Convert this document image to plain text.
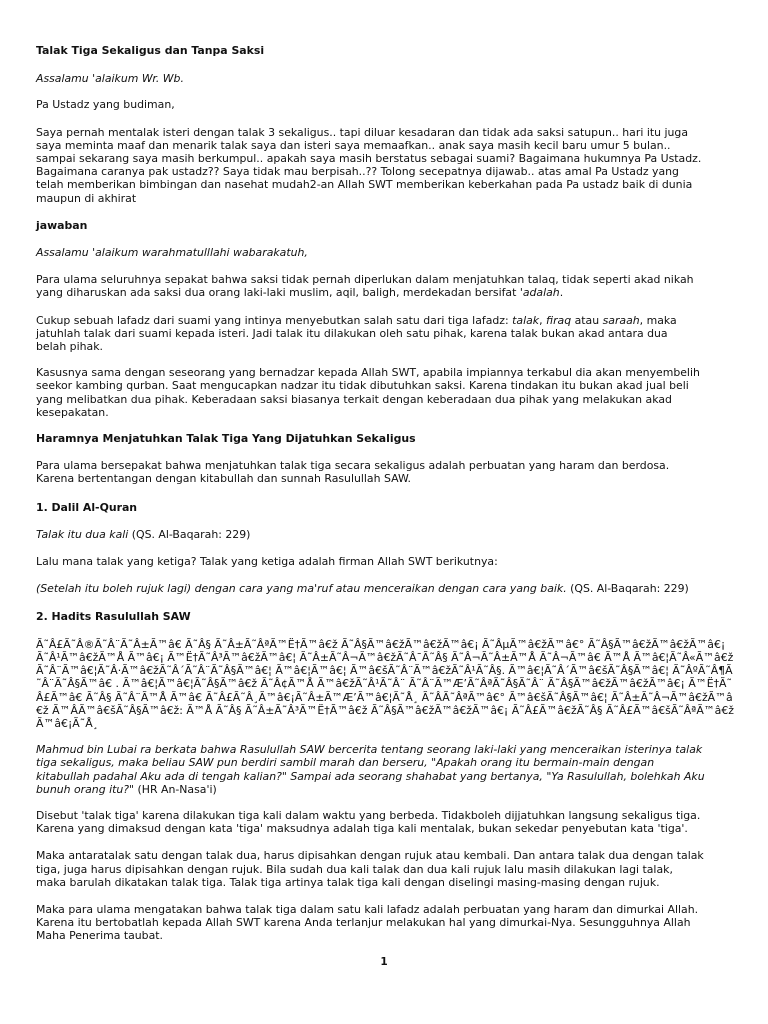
Talak Tiga Sekaligus dan Tanpa Saksi

Assalamu 'alaikum Wr. Wb.

Pa Ustadz yang budiman,

Saya pernah mentalak isteri dengan talak 3 sekaligus.. tapi diluar kesadaran dan tidak ada saksi satupun.. hari itu juga
saya meminta maaf dan menarik talak saya dan isteri saya memaafkan.. anak saya masih kecil baru umur 5 bulan..
sampai sekarang saya masih berkumpul.. apakah saya masih berstatus sebagai suami? Bagaimana hukumnya Pa Ustadz.
Bagaimana caranya pak ustadz?? Saya tidak mau berpisah..?? Tolong secepatnya dijawab.. atas amal Pa Ustadz yang
telah memberikan bimbingan dan nasehat mudah2-an Allah SWT memberikan keberkahan pada Pa ustadz baik di dunia
maupun di akhirat

jawaban

Assalamu 'alaikum warahmatulllahi wabarakatuh,

Para ulama seluruhnya sepakat bahwa saksi tidak pernah diperlukan dalam menjatuhkan talaq, tidak seperti akad nikah
yang diharuskan ada saksi dua orang laki-laki muslim, aqil, baligh, merdekadan bersifat 'adalah.

Cukup sebuah lafadz dari suami yang intinya menyebutkan salah satu dari tiga lafadz: talak, firaq atau saraah, maka
jatuhlah talak dari suami kepada isteri. Jadi talak itu dilakukan oleh satu pihak, karena talak bukan akad antara dua
belah pihak.

Kasusnya sama dengan seseorang yang bernadzar kepada Allah SWT, apabila impiannya terkabul dia akan menyembelih
seekor kambing qurban. Saat mengucapkan nadzar itu tidak dibutuhkan saksi. Karena tindakan itu bukan akad jual beli
yang melibatkan dua pihak. Keberadaan saksi biasanya terkait dengan keberadaan dua pihak yang melakukan akad
kesepakatan.

Haramnya Menjatuhkan Talak Tiga Yang Dijatuhkan Sekaligus

Para ulama bersepakat bahwa menjatuhkan talak tiga secara sekaligus adalah perbuatan yang haram dan berdosa.
Karena bertentangan dengan kitabullah dan sunnah Rasulullah SAW.

1. Dalil Al-Quran

Talak itu dua kali (QS. Al-Baqarah: 229)

Lalu mana talak yang ketiga? Talak yang ketiga adalah firman Allah SWT berikutnya:

(Setelah itu boleh rujuk lagi) dengan cara yang ma'ruf atau menceraikan dengan cara yang baik. (QS. Al-Baqarah: 229)

2. Hadits Rasulullah SAW

Ã˜Â£Ã˜Â®Ã˜Â¨Ã˜Â±Ã™â€ Ã˜Â§ Ã˜Â±Ã˜ÂªÃ™Ë†Ã™â€ž Ã˜Â§Ã™â€žÃ™â€žÃ™â€¡ Ã˜ÂµÃ™â€žÃ™â€° Ã˜Â§Ã™â€žÃ™â€žÃ™â€¡ Ã˜Â¹Ã™â€žÃ™Å Ã™â€¡ Ã™Ë†Ã˜Â³Ã™â€žÃ™â€¦ Ã˜Â±Ã˜Â¬Ã™â€žÃ˜Â¯Ã˜Â§ Ã˜Â¬Ã˜Â±Ã™Å Ã˜Â¬Ã™â€ Ã™Å Ã™â€¦Ã˜Â«Ã™â€ž Ã˜Â¨Ã™â€¦Ã˜Â·Ã™â€žÃ˜Â´Ã˜Â¨Ã˜Â§Ã™â€¦ Ã™â€¦Ã™â€¦ Ã™â€šÃ˜Â¨Ã™â€žÃ˜Â¹Ã˜Â§. Ã™â€¦Ã˜Â´Ã™â€šÃ˜Â§Ã™â€¦ Ã˜ÂºÃ˜Â¶Ã˜Â¨Ã˜Â§Ã™â€ . Ã™â€¦Ã™â€¦Ã˜Â§Ã™â€ž Ã˜Â¢Ã™Å Ã™â€žÃ˜Â¹Ã˜Â¨ Ã˜Â¨Ã™Æ’Ã˜ÂªÃ˜Â§Ã˜Â¨ Ã˜Â§Ã™â€žÃ™â€žÃ™â€¡ Ã™Ë†Ã˜Â£Ã™â€ Ã˜Â§ Ã˜Â¨Ã™Å Ã™â€ Ã˜Â£Ã˜Â¸Ã™â€¡Ã˜Â±Ã™Æ’Ã™â€¦Ã˜Å¸ Ã˜ÂÃ˜ÂªÃ™â€° Ã™â€šÃ˜Â§Ã™â€¦ Ã˜Â±Ã˜Â¬Ã™â€žÃ™â€ž Ã™ÂÃ™â€šÃ˜Â§Ã™â€ž: Ã™Å Ã˜Â§ Ã˜Â±Ã˜Â³Ã™Ë†Ã™â€ž Ã˜Â§Ã™â€žÃ™â€žÃ™â€¡ Ã˜Â£Ã™â€žÃ˜Â§ Ã˜Â£Ã™â€šÃ˜ÂªÃ™â€žÃ™â€¡Ã˜Å¸

Mahmud bin Lubai ra berkata bahwa Rasulullah SAW bercerita tentang seorang laki-laki yang menceraikan isterinya talak
tiga sekaligus, maka beliau SAW pun berdiri sambil marah dan berseru, "Apakah orang itu bermain-main dengan
kitabullah padahal Aku ada di tengah kalian?" Sampai ada seorang shahabat yang bertanya, "Ya Rasulullah, bolehkah Aku
bunuh orang itu?" (HR An-Nasa'i)

Disebut 'talak tiga' karena dilakukan tiga kali dalam waktu yang berbeda. Tidakboleh dijjatuhkan langsung sekaligus tiga.
Karena yang dimaksud dengan kata 'tiga' maksudnya adalah tiga kali mentalak, bukan sekedar penyebutan kata 'tiga'.

Maka antaratalak satu dengan talak dua, harus dipisahkan dengan rujuk atau kembali. Dan antara talak dua dengan talak
tiga, juga harus dipisahkan dengan rujuk. Bila sudah dua kali talak dan dua kali rujuk lalu masih dilakukan lagi talak,
maka barulah dikatakan talak tiga. Talak tiga artinya talak tiga kali dengan diselingi masing-masing dengan rujuk.

Maka para ulama mengatakan bahwa talak tiga dalam satu kali lafadz adalah perbuatan yang haram dan dimurkai Allah.
Karena itu bertobatlah kepada Allah SWT karena Anda terlanjur melakukan hal yang dimurkai-Nya. Sesungguhnya Allah
Maha Penerima taubat.

1
